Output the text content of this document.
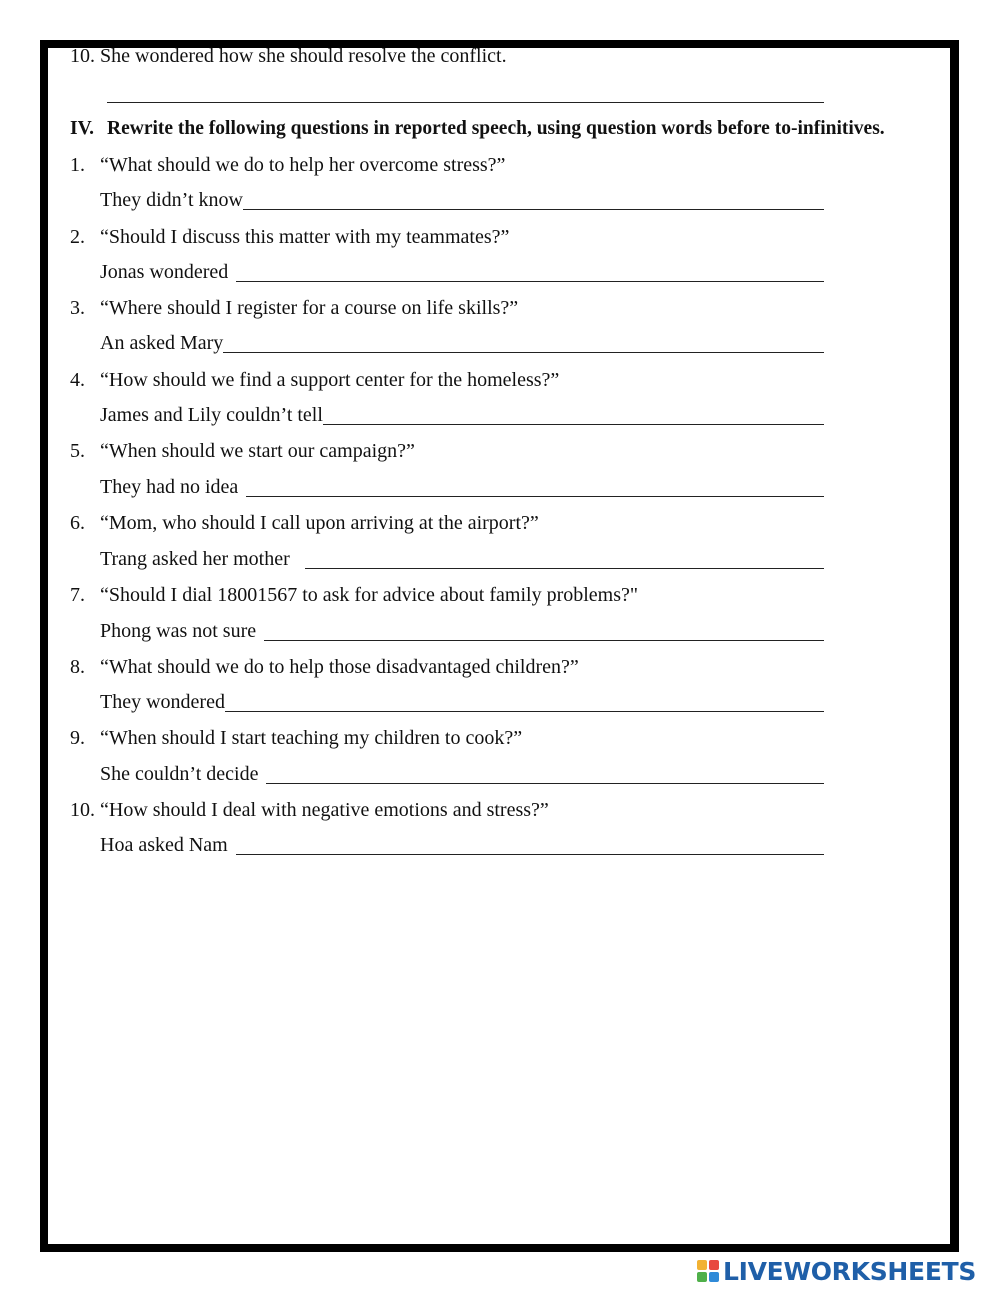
10. She wondered how she should resolve the conflict.
IV. Rewrite the following questions in reported speech, using question words before to-infinitives.
1. “What should we do to help her overcome stress?”
They didn’t know
2. “Should I discuss this matter with my teammates?”
Jonas wondered
3. “Where should I register for a course on life skills?”
An asked Mary
4. “How should we find a support center for the homeless?”
James and Lily couldn’t tell
5. “When should we start our campaign?”
They had no idea
6. “Mom, who should I call upon arriving at the airport?”
Trang asked her mother
7. “Should I dial 18001567 to ask for advice about family problems?"
Phong was not sure
8. “What should we do to help those disadvantaged children?”
They wondered
9. “When should I start teaching my children to cook?”
She couldn’t decide
10. “How should I deal with negative emotions and stress?”
Hoa asked Nam
LIVEWORKSHEETS
